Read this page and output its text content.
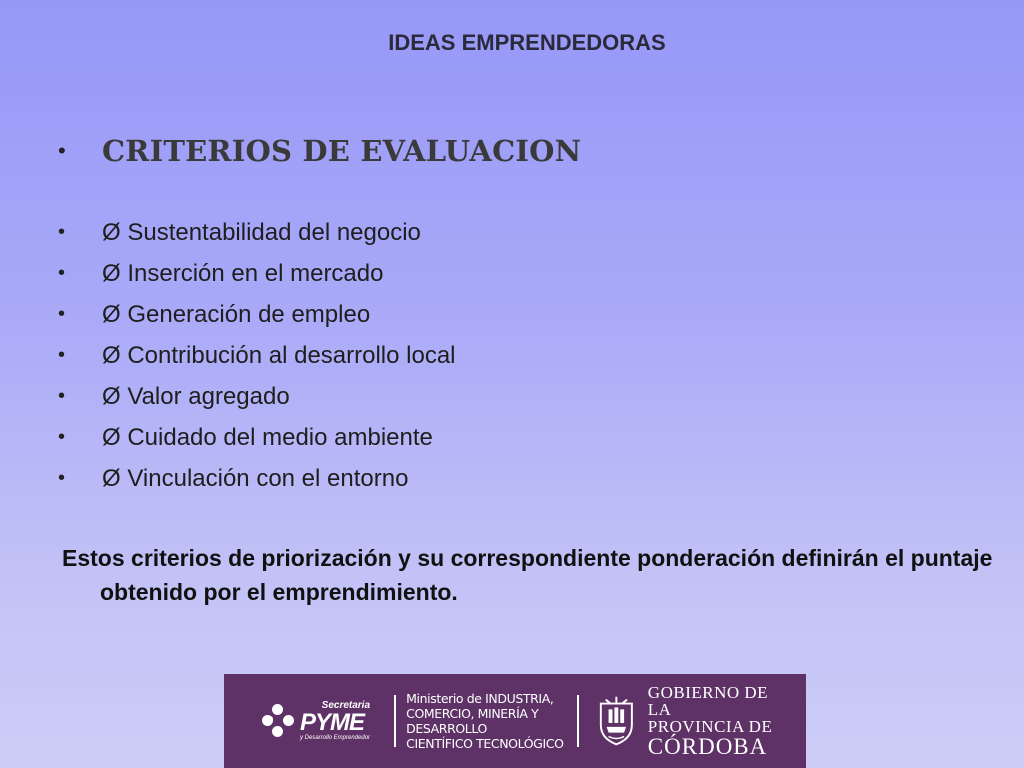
IDEAS EMPRENDEDORAS
•	CRITERIOS DE EVALUACION
•	Ø Sustentabilidad del negocio
•	Ø Inserción en el mercado
•	Ø Generación de empleo
•	Ø Contribución al desarrollo local
•	Ø Valor agregado
•	Ø Cuidado del medio ambiente
•	Ø Vinculación con el entorno
Estos criterios de priorización y su correspondiente ponderación definirán el puntaje obtenido por el emprendimiento.
Secretaria
PYME
y Desarrollo Emprendedor
Ministerio de INDUSTRIA,
COMERCIO, MINERÍA Y DESARROLLO
CIENTÍFICO TECNOLÓGICO
GOBIERNO DE LA
PROVINCIA DE
CÓRDOBA
